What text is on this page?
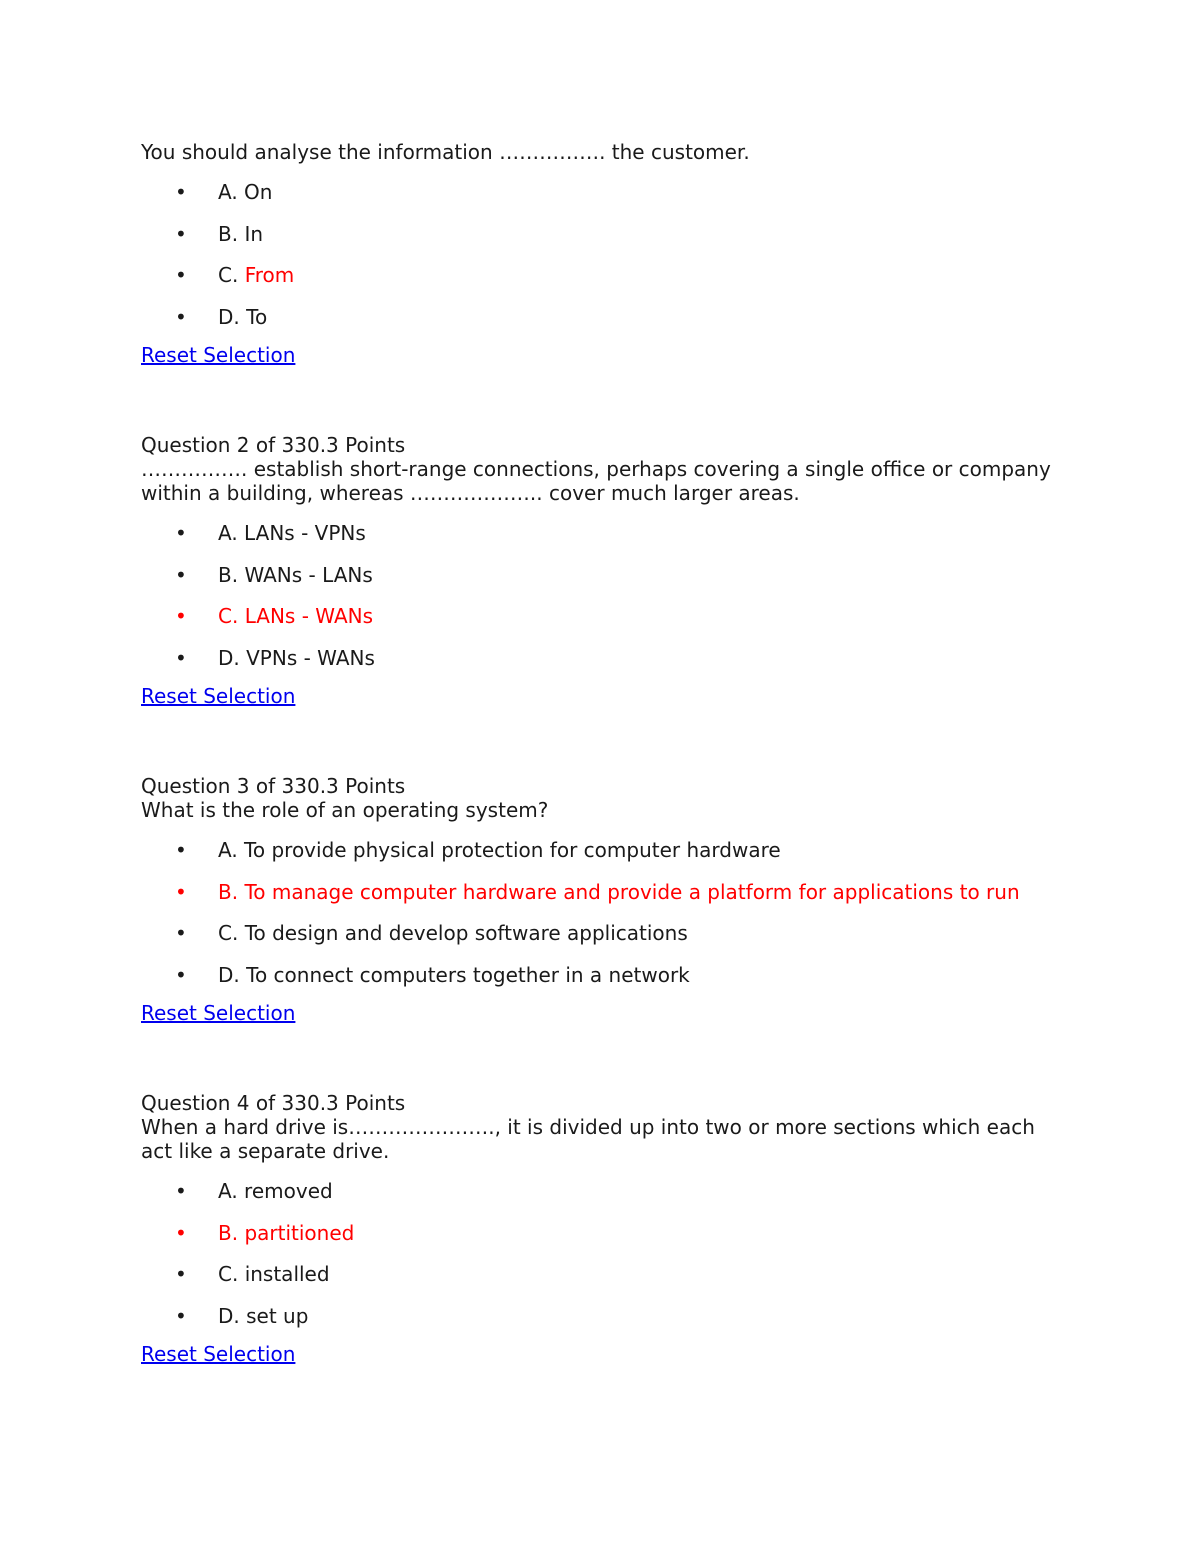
You should analyse the information ……………. the customer.
• A. On
• B. In
• C. From
• D. To
Reset Selection
Question 2 of 330.3 Points
……………. establish short-range connections, perhaps covering a single office or company within a building, whereas ……………….. cover much larger areas.
• A. LANs - VPNs
• B. WANs - LANs
• C. LANs - WANs
• D. VPNs - WANs
Reset Selection
Question 3 of 330.3 Points
What is the role of an operating system?
• A. To provide physical protection for computer hardware
• B. To manage computer hardware and provide a platform for applications to run
• C. To design and develop software applications
• D. To connect computers together in a network
Reset Selection
Question 4 of 330.3 Points
When a hard drive is…………………., it is divided up into two or more sections which each act like a separate drive.
• A. removed
• B. partitioned
• C. installed
• D. set up
Reset Selection
